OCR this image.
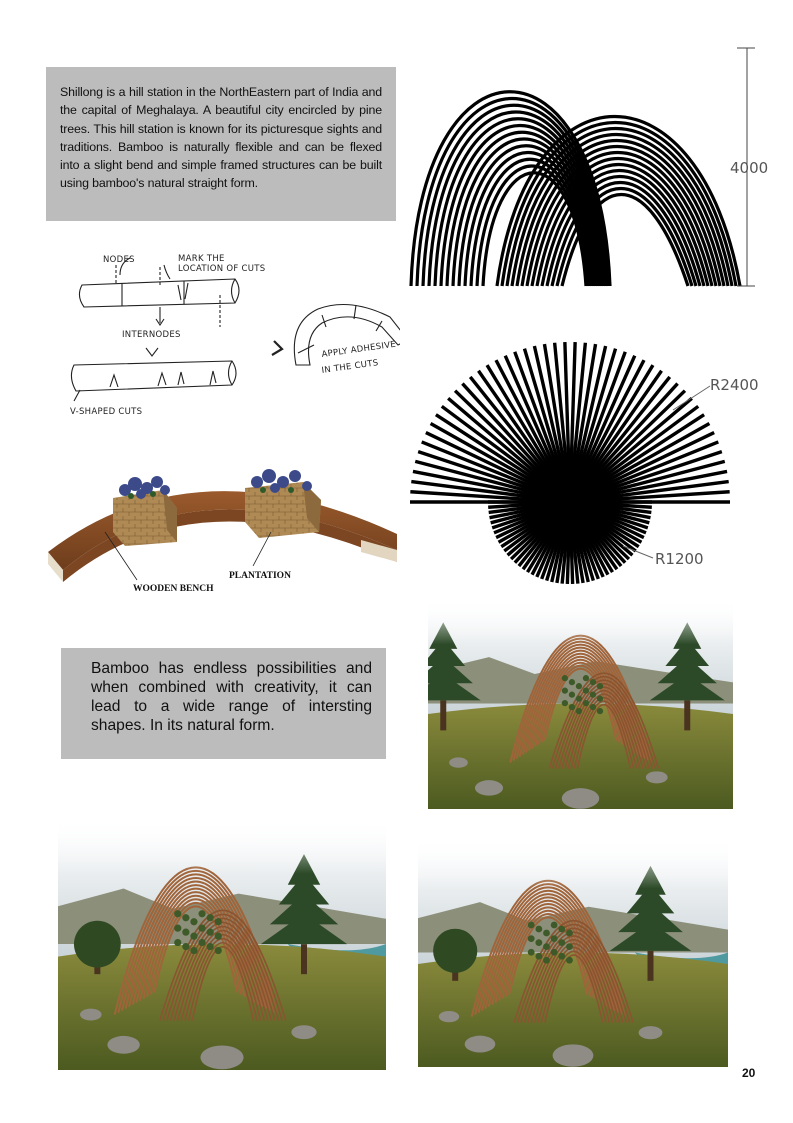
Shillong is a hill station in the NorthEastern part of India and the capital of Meghalaya. A beautiful city encircled by pine trees. This hill station is known for its picturesque sights and traditions. Bamboo is naturally flexible and can be flexed into a slight bend and simple framed structures can be built using bamboo's natural straight form.
4000
NODES	MARK THE
LOCATION OF CUTS
INTERNODES
V-SHAPED CUTS
APPLY ADHESIVE
IN THE CUTS
R2400
R1200
WOODEN BENCH
PLANTATION
Bamboo has endless possibilities and when combined with creativity, it can lead to a wide range of intersting shapes. In its natural form.
20
